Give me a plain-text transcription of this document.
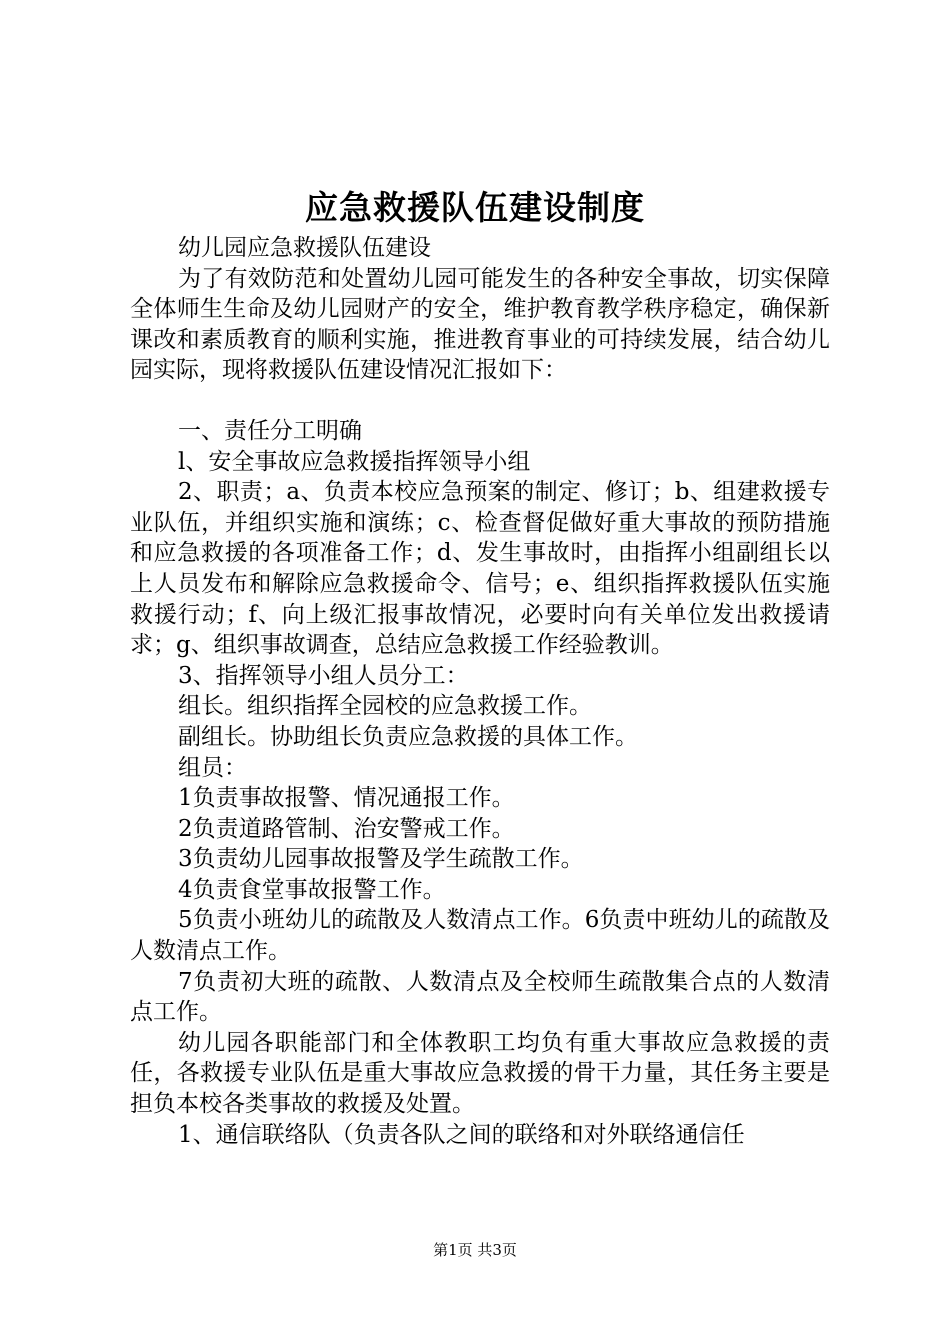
应急救援队伍建设制度

幼儿园应急救援队伍建设

为了有效防范和处置幼儿园可能发生的各种安全事故，切实保障全体师生生命及幼儿园财产的安全，维护教育教学秩序稳定，确保新课改和素质教育的顺利实施，推进教育事业的可持续发展，结合幼儿园实际，现将救援队伍建设情况汇报如下：

一、责任分工明确

l、安全事故应急救援指挥领导小组

2、职责；a、负责本校应急预案的制定、修订；b、组建救援专业队伍，并组织实施和演练；c、检查督促做好重大事故的预防措施和应急救援的各项准备工作；d、发生事故时，由指挥小组副组长以上人员发布和解除应急救援命令、信号；e、组织指挥救援队伍实施救援行动；f、向上级汇报事故情况，必要时向有关单位发出救援请求；g、组织事故调查，总结应急救援工作经验教训。

3、指挥领导小组人员分工：

组长。组织指挥全园校的应急救援工作。

副组长。协助组长负责应急救援的具体工作。

组员：

1负责事故报警、情况通报工作。

2负责道路管制、治安警戒工作。

3负责幼儿园事故报警及学生疏散工作。

4负责食堂事故报警工作。

5负责小班幼儿的疏散及人数清点工作。6负责中班幼儿的疏散及人数清点工作。

7负责初大班的疏散、人数清点及全校师生疏散集合点的人数清点工作。

幼儿园各职能部门和全体教职工均负有重大事故应急救援的责任，各救援专业队伍是重大事故应急救援的骨干力量，其任务主要是担负本校各类事故的救援及处置。

1、通信联络队（负责各队之间的联络和对外联络通信任

第1页 共3页
